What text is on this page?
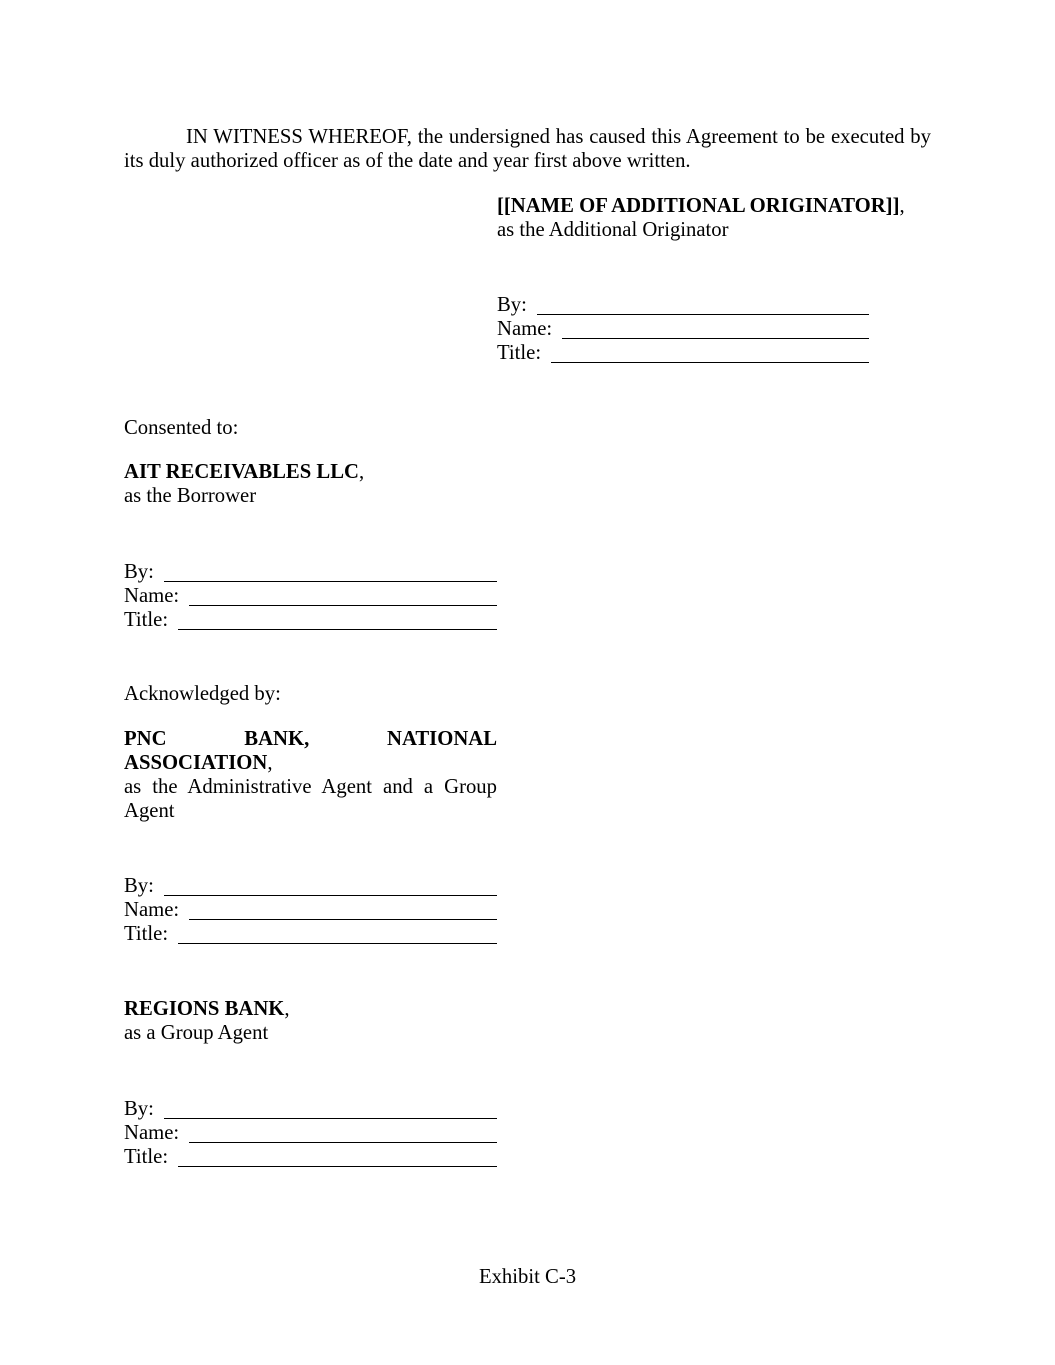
IN WITNESS WHEREOF, the undersigned has caused this Agreement to be executed by its duly authorized officer as of the date and year first above written.
[[NAME OF ADDITIONAL ORIGINATOR]],
as the Additional Originator
By:
Name:
Title:
Consented to:
AIT RECEIVABLES LLC,
as the Borrower
By:
Name:
Title:
Acknowledged by:
PNC BANK, NATIONAL ASSOCIATION,
as the Administrative Agent and a Group Agent
By:
Name:
Title:
REGIONS BANK,
as a Group Agent
By:
Name:
Title:
Exhibit C-3
